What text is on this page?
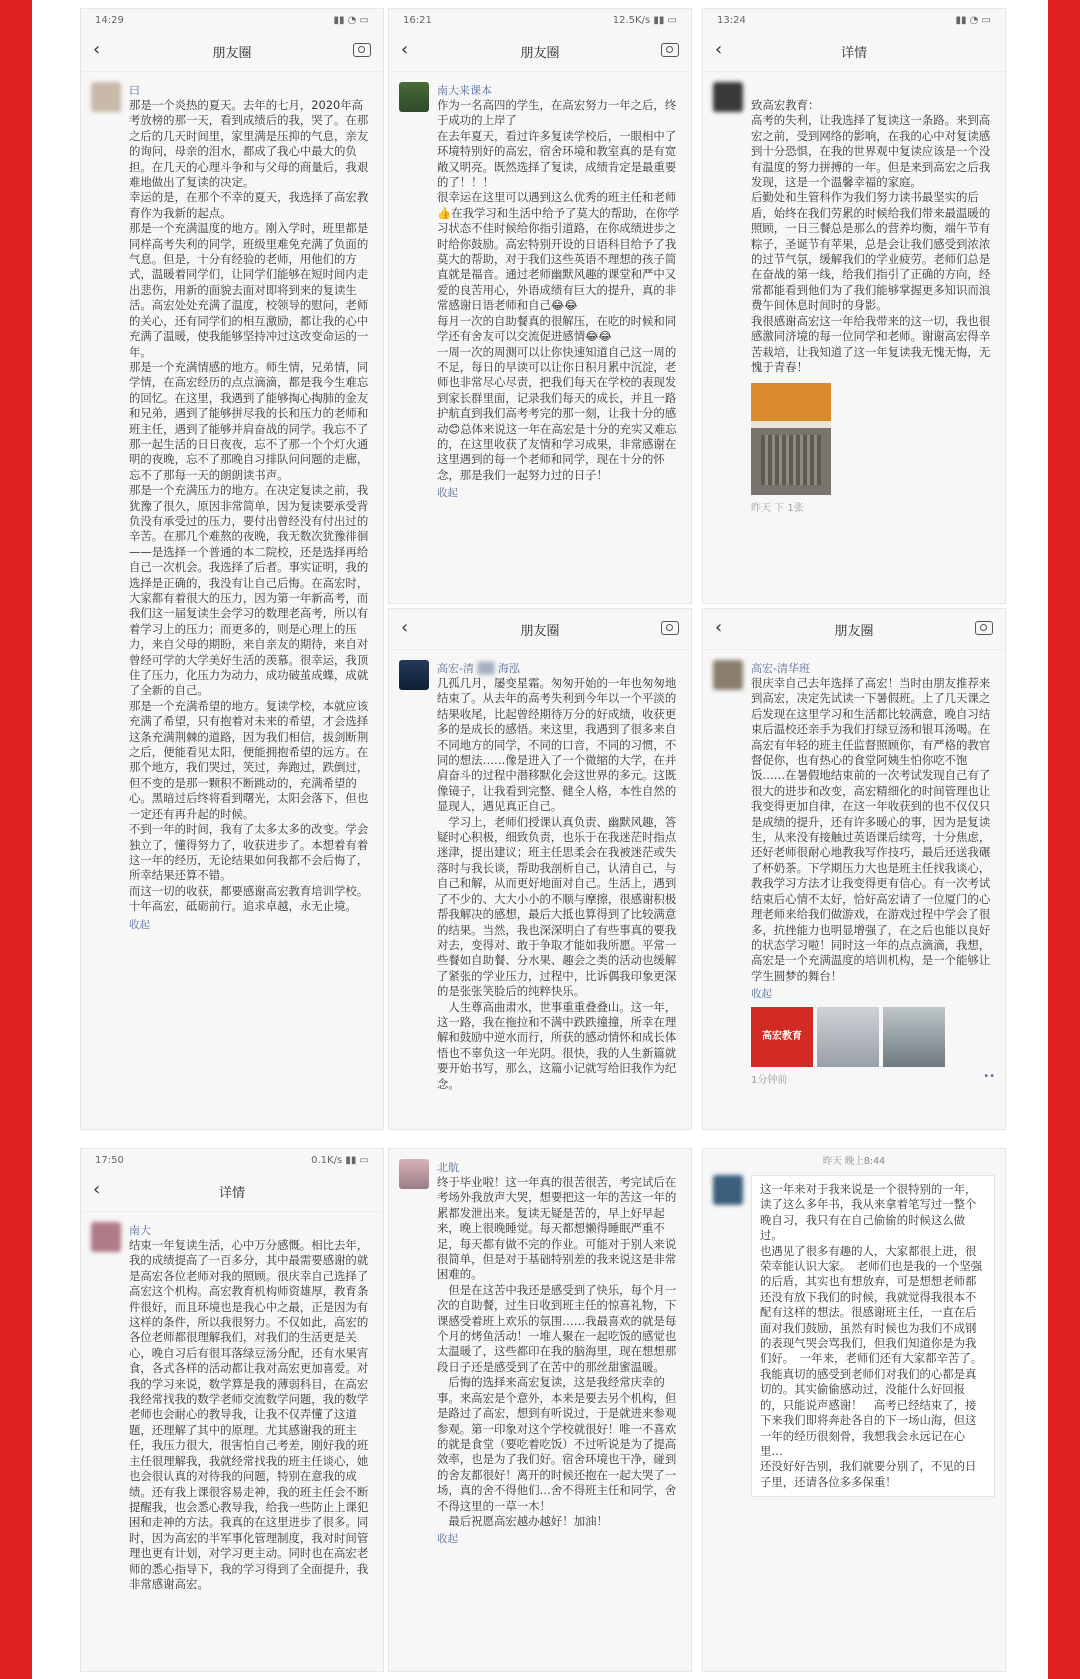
14:29	▮▮ ◔ ▭
‹	朋友圈
曰
那是一个炎热的夏天。去年的七月，2020年高考放榜的那一天，看到成绩后的我，哭了。在那之后的几天时间里，家里满是压抑的气息，亲友的询问，母亲的泪水，都成了我心中最大的负担。在几天的心理斗争和与父母的商量后，我艰难地做出了复读的决定。
幸运的是，在那个不幸的夏天，我选择了高宏教育作为我新的起点。
那是一个充满温度的地方。刚入学时，班里都是同样高考失利的同学，班级里难免充满了负面的气息。但是，十分有经验的老师，用他们的方式，温暖着同学们，让同学们能够在短时间内走出悲伤，用新的面貌去面对即将到来的复读生活。高宏处处充满了温度，校领导的慰问，老师的关心，还有同学们的相互激励，都让我的心中充满了温暖，使我能够坚持冲过这改变命运的一年。
那是一个充满情感的地方。师生情，兄弟情，同学情，在高宏经历的点点滴滴，都是我今生难忘的回忆。在这里，我遇到了能够掏心掏肺的金友和兄弟，遇到了能够拼尽我的长和压力的老师和班主任，遇到了能够并肩奋战的同学。我忘不了那一起生活的日日夜夜，忘不了那一个个灯火通明的夜晚，忘不了那晚自习排队问问题的走廊，忘不了那每一天的朗朗读书声。
那是一个充满压力的地方。在决定复读之前，我犹豫了很久，原因非常简单，因为复读要承受背负没有承受过的压力，要付出曾经没有付出过的辛苦。在那几个难熬的夜晚，我无数次犹豫徘徊——是选择一个普通的本二院校，还是选择再给自己一次机会。我选择了后者。事实证明，我的选择是正确的，我没有让自己后悔。在高宏时，大家都有着很大的压力，因为第一年新高考，而我们这一届复读生会学习的数理老高考，所以有着学习上的压力；而更多的，则是心理上的压力，来自父母的期盼，来自亲友的期待，来自对曾经可学的大学美好生活的羡慕。很幸运，我顶住了压力，化压力为动力，成功破茧成蝶，成就了全新的自己。
那是一个充满希望的地方。复读学校，本就应该充满了希望，只有抱着对未来的希望，才会选择这条充满荆棘的道路，因为我们相信，拔剑断荆之后，便能看见太阳，便能拥抱希望的远方。在那个地方，我们哭过，笑过，奔跑过，跌倒过，但不变的是那一颗积不断跳动的，充满希望的心。黑暗过后终将看到曙光，太阳会落下，但也一定还有再升起的时候。
不到一年的时间，我有了太多太多的改变。学会独立了，懂得努力了，收获进步了。本想着有着这一年的经历，无论结果如何我都不会后悔了，所幸结果还算不错。
而这一切的收获，都要感谢高宏教育培训学校。
十年高宏，砥砺前行。追求卓越，永无止境。
收起
16:21	12.5K/s ▮▮ ▭
‹	朋友圈
南大来课本
作为一名高四的学生，在高宏努力一年之后，终于成功的上岸了
在去年夏天，看过许多复读学校后，一眼相中了环境特别好的高宏，宿舍环境和教室真的是有宽敞又明亮。既然选择了复读，成绩肯定是最重要的了！！！
很幸运在这里可以遇到这么优秀的班主任和老师👍在我学习和生活中给予了莫大的帮助，在你学习状态不佳时候给你指引道路，在你成绩进步之时给你鼓励。高宏特别开设的日语科目给予了我莫大的帮助，对于我们这些英语不理想的孩子简直就是福音。通过老师幽默风趣的课堂和严中又爱的良苦用心，外语成绩有巨大的提升，真的非常感谢日语老师和自己😂😂
每月一次的自助餐真的很解压，在吃的时候和同学还有舍友可以交流促进感情😂😂
一周一次的周测可以让你快速知道自己这一周的不足，每日的早读可以让你日积月累中沉淀，老师也非常尽心尽责，把我们每天在学校的表现发到家长群里面，记录我们每天的成长，并且一路护航直到我们高考考完的那一刻，让我十分的感动😊总体来说这一年在高宏是十分的充实又难忘的，在这里收获了友情和学习成果，非常感谢在这里遇到的每一个老师和同学，现在十分的怀念，那是我们一起努力过的日子！
收起
13:24	▮▮ ◔ ▭
‹	详情
致高宏教育：
高考的失利，让我选择了复读这一条路。来到高宏之前，受到网络的影响，在我的心中对复读感到十分恐惧，在我的世界观中复读应该是一个没有温度的努力拼搏的一年。但是来到高宏之后我发现，这是一个温馨幸福的家庭。
后勤处和生管科作为我们努力读书最坚实的后盾，始终在我们劳累的时候给我们带来最温暖的照顾，一日三餐总是那么的营养均衡，端午节有粽子，圣诞节有苹果，总是会让我们感受到浓浓的过节气氛，缓解我们的学业疲劳。老师们总是在奋战的第一线，给我们指引了正确的方向，经常都能看到他们为了我们能够掌握更多知识而浪费午间休息时间时的身影。
我很感谢高宏这一年给我带来的这一切，我也很感激同济境的每一位同学和老师。谢谢高宏得辛苦栽培，让我知道了这一年复读我无愧无悔，无愧于青春！
昨天 下 1张
‹	朋友圈
高宏-清 ▒▒ 海泓
几孤几月，屡变星霜。匆匆开始的一年也匆匆地结束了。从去年的高考失利到今年以一个平淡的结果收尾，比起曾经期待万分的好成绩，收获更多的是成长的感悟。来这里，我遇到了很多来自不同地方的同学，不同的口音，不同的习惯，不同的想法……像是进入了一个微缩的大学，在并肩奋斗的过程中潜移默化会这世界的多元。这既像镜子，让我看到完整、健全人格，本性自然的显现人，遇见真正自己。
　学习上，老师们授课认真负责、幽默风趣，答疑时心积极，细致负责，也乐于在我迷茫时指点迷津，提出建议；班主任思柔会在我被迷茫或失落时与我长谈，帮助我剖析自己，认清自己，与自己和解，从而更好地面对自己。生活上，遇到了不少的、大大小小的不顺与摩擦，很感谢积极帮我解决的感想，最后大抵也算得到了比较满意的结果。当然，我也深深明白了有些事真的要我对去，变得对、敢于争取才能如我所愿。平常一些餐如自助餐、分水果、趣会之类的活动也缓解了紧张的学业压力，过程中，比诉偶我印象更深的是张张笑脸后的纯粹快乐。
　人生尊高曲肃水，世事重重叠叠山。这一年，这一路，我在拖拉和不满中跌跌撞撞，所幸在理解和鼓励中逆水而行，所获的感动情怀和成长体悟也不辜负这一年光阴。很快，我的人生新篇就要开始书写，那么，这篇小记就写给旧我作为纪念。
‹	朋友圈
高宏-清华班
很庆幸自己去年选择了高宏！当时由朋友推荐来到高宏，决定先试读一下暑假班。上了几天课之后发现在这里学习和生活都比较满意，晚自习结束后温校还亲手为我们打绿豆汤和银耳汤喝。在高宏有年轻的班主任监督照顾你，有严格的教官督促你，也有热心的食堂阿姨生怕你吃不饱饭……在暑假地结束前的一次考试发现自己有了很大的进步和改变，高宏精细化的时间管理也让我变得更加自律，在这一年收获到的也不仅仅只是成绩的提升，还有许多暖心的事，因为是复读生，从来没有接触过英语课后续弯，十分焦虑，还好老师很耐心地教我写作技巧，最后还送我碾了杯奶茶。下学期压力大也是班主任找我谈心，教我学习方法才让我变得更有信心。有一次考试结束后心情不太好，恰好高宏请了一位厦门的心理老师来给我们做游戏，在游戏过程中学会了很多，抗挫能力也明显增强了，在之后也能以良好的状态学习啦！同时这一年的点点滴滴，我想，高宏是一个充满温度的培训机构，是一个能够让学生圆梦的舞台！
收起
高宏教育
1分钟前	••
17:50	0.1K/s ▮▮ ▭
‹	详情
南大
结束一年复读生活，心中万分感慨。相比去年，我的成绩提高了一百多分，其中最需要感谢的就是高宏各位老师对我的照顾。很庆幸自己选择了高宏这个机构。高宏教育机构师资雄厚，教育条件很好，而且环境也是我心中之最，正是因为有这样的条件，所以我很努力。不仅如此，高宏的各位老师都很理解我们，对我们的生活更是关心，晚自习后有很耳落绿豆汤分配，还有水果宵食，各式各样的活动都让我对高宏更加喜爱。对我的学习来说，数学算是我的薄弱科目，在高宏我经常找我的数学老师交流数学问题，我的数学老师也会耐心的教导我，让我不仅弄懂了这道题，还理解了其中的原理。尤其感谢我的班主任，我压力很大，很害怕自己考差，刚好我的班主任很理解我，我就经常找我的班主任谈心，她也会很认真的对待我的问题，特别在意我的成绩。还有我上课很容易走神，我的班主任会不断提醒我，也会悉心教导我，给我一些防止上课犯困和走神的方法。我真的在这里进步了很多。同时，因为高宏的半军事化管理制度，我对时间管理也更有计划，对学习更主动。同时也在高宏老师的悉心指导下，我的学习得到了全面提升，我非常感谢高宏。
北航
终于毕业啦！这一年真的很苦很苦，考完试后在考场外我放声大哭，想要把这一年的苦这一年的累都发泄出来。复读无疑是苦的，早上好早起来，晚上很晚睡觉。每天都想懒得睡眠严重不足，每天都有做不完的作业。可能对于别人来说很简单，但是对于基础特别差的我来说这是非常困难的。
　但是在这苦中我还是感受到了快乐，每个月一次的自助餐，过生日收到班主任的惊喜礼物，下课感受着班上欢乐的氛围……我最喜欢的就是每个月的烤鱼活动！一堆人聚在一起吃饭的感觉也太温暖了，这些都印在我的脑海里，现在想想那段日子还是感受到了在苦中的那丝甜蜜温暖。
　后悔的选择来高宏复读，这是我经常庆幸的事。来高宏是个意外，本来是要去另个机构，但是路过了高宏，想到有听说过，于是就进来参观参观。第一印象对这个学校就很好！唯一不喜欢的就是食堂（要吃着吃饭）不过听说是为了提高效率，也是为了我们好。宿舍环境也干净，碰到的舍友都很好！离开的时候还抱在一起大哭了一场，真的舍不得他们…舍不得班主任和同学，舍不得这里的一草一木！
　最后祝愿高宏越办越好！加油！
收起
昨天 晚上8:44
这一年来对于我来说是一个很特别的一年，读了这么多年书，我从来拿着笔写过一整个晚自习，我只有在自己偷偷的时候这么做过。
也遇见了很多有趣的人，大家都很上进，很荣幸能认识大家。　老师们也是我的一个坚强的后盾，其实也有想放弃，可是想想老师都还没有放下我们的时候，我就觉得我很本不配有这样的想法。很感谢班主任，一直在后面对我们鼓励，虽然有时候也为我们不成钢的表现气哭会骂我们，但我们知道你是为我们好。　一年来，老师们还有大家都辛苦了。我能真切的感受到老师们对我们的心都是真切的。其实偷偷感动过，没能什么好回报的，只能说声感谢！　高考已经结束了，接下来我们即将奔赴各自的下一场山海，但这一年的经历很刻骨，我想我会永远记在心里…
还没好好告别，我们就要分别了，不见的日子里，还请各位多多保重！
